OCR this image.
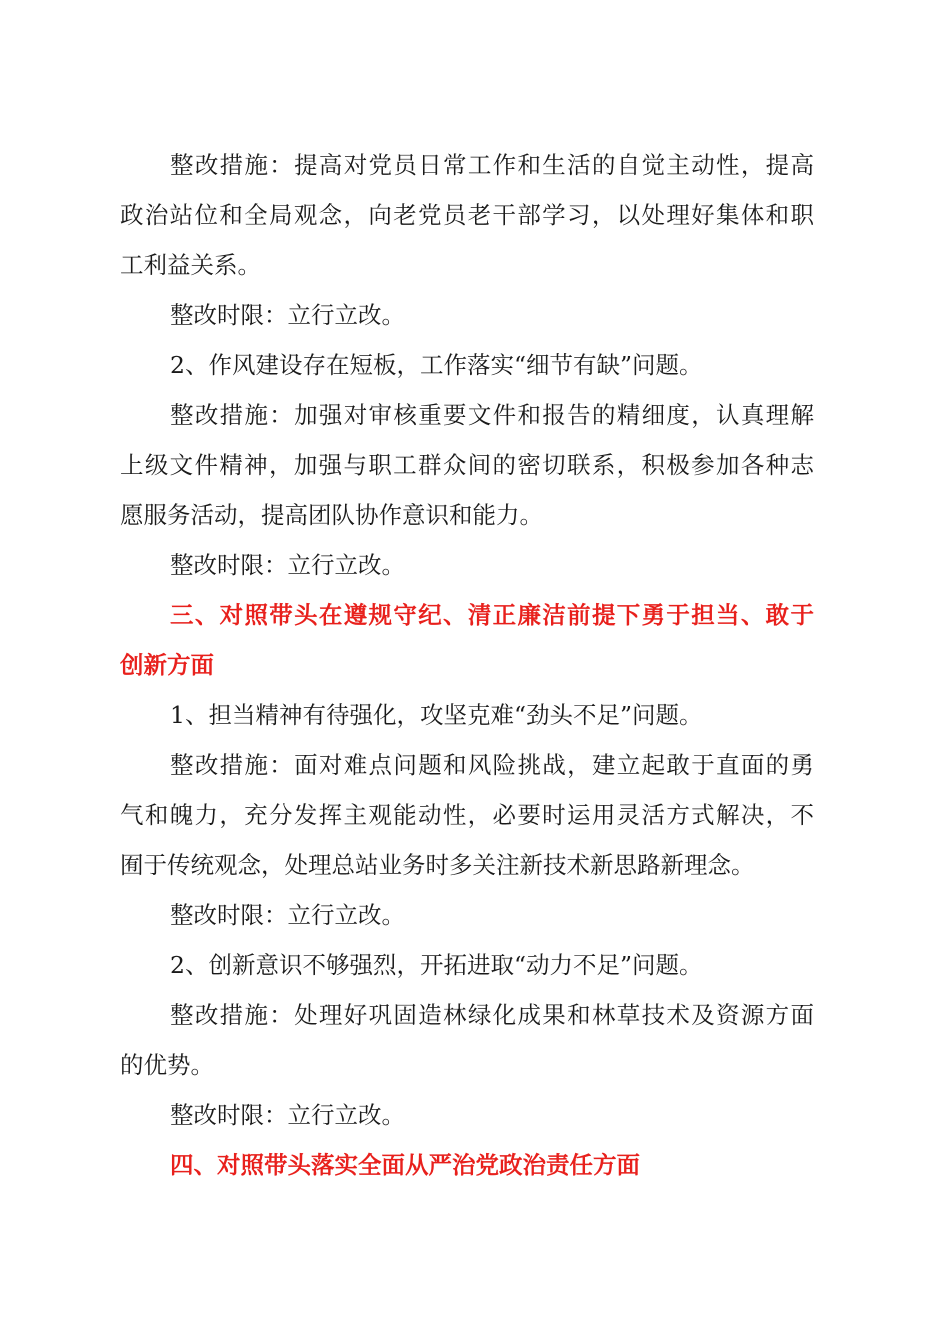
整改措施：提高对党员日常工作和生活的自觉主动性，提高
政治站位和全局观念，向老党员老干部学习，以处理好集体和职
工利益关系。
整改时限：立行立改。
2、作风建设存在短板，工作落实“细节有缺”问题。
整改措施：加强对审核重要文件和报告的精细度，认真理解
上级文件精神，加强与职工群众间的密切联系，积极参加各种志
愿服务活动，提高团队协作意识和能力。
整改时限：立行立改。
三、对照带头在遵规守纪、清正廉洁前提下勇于担当、敢于
创新方面
1、担当精神有待强化，攻坚克难“劲头不足”问题。
整改措施：面对难点问题和风险挑战，建立起敢于直面的勇
气和魄力，充分发挥主观能动性，必要时运用灵活方式解决，不
囿于传统观念，处理总站业务时多关注新技术新思路新理念。
整改时限：立行立改。
2、创新意识不够强烈，开拓进取“动力不足”问题。
整改措施：处理好巩固造林绿化成果和林草技术及资源方面
的优势。
整改时限：立行立改。
四、对照带头落实全面从严治党政治责任方面
